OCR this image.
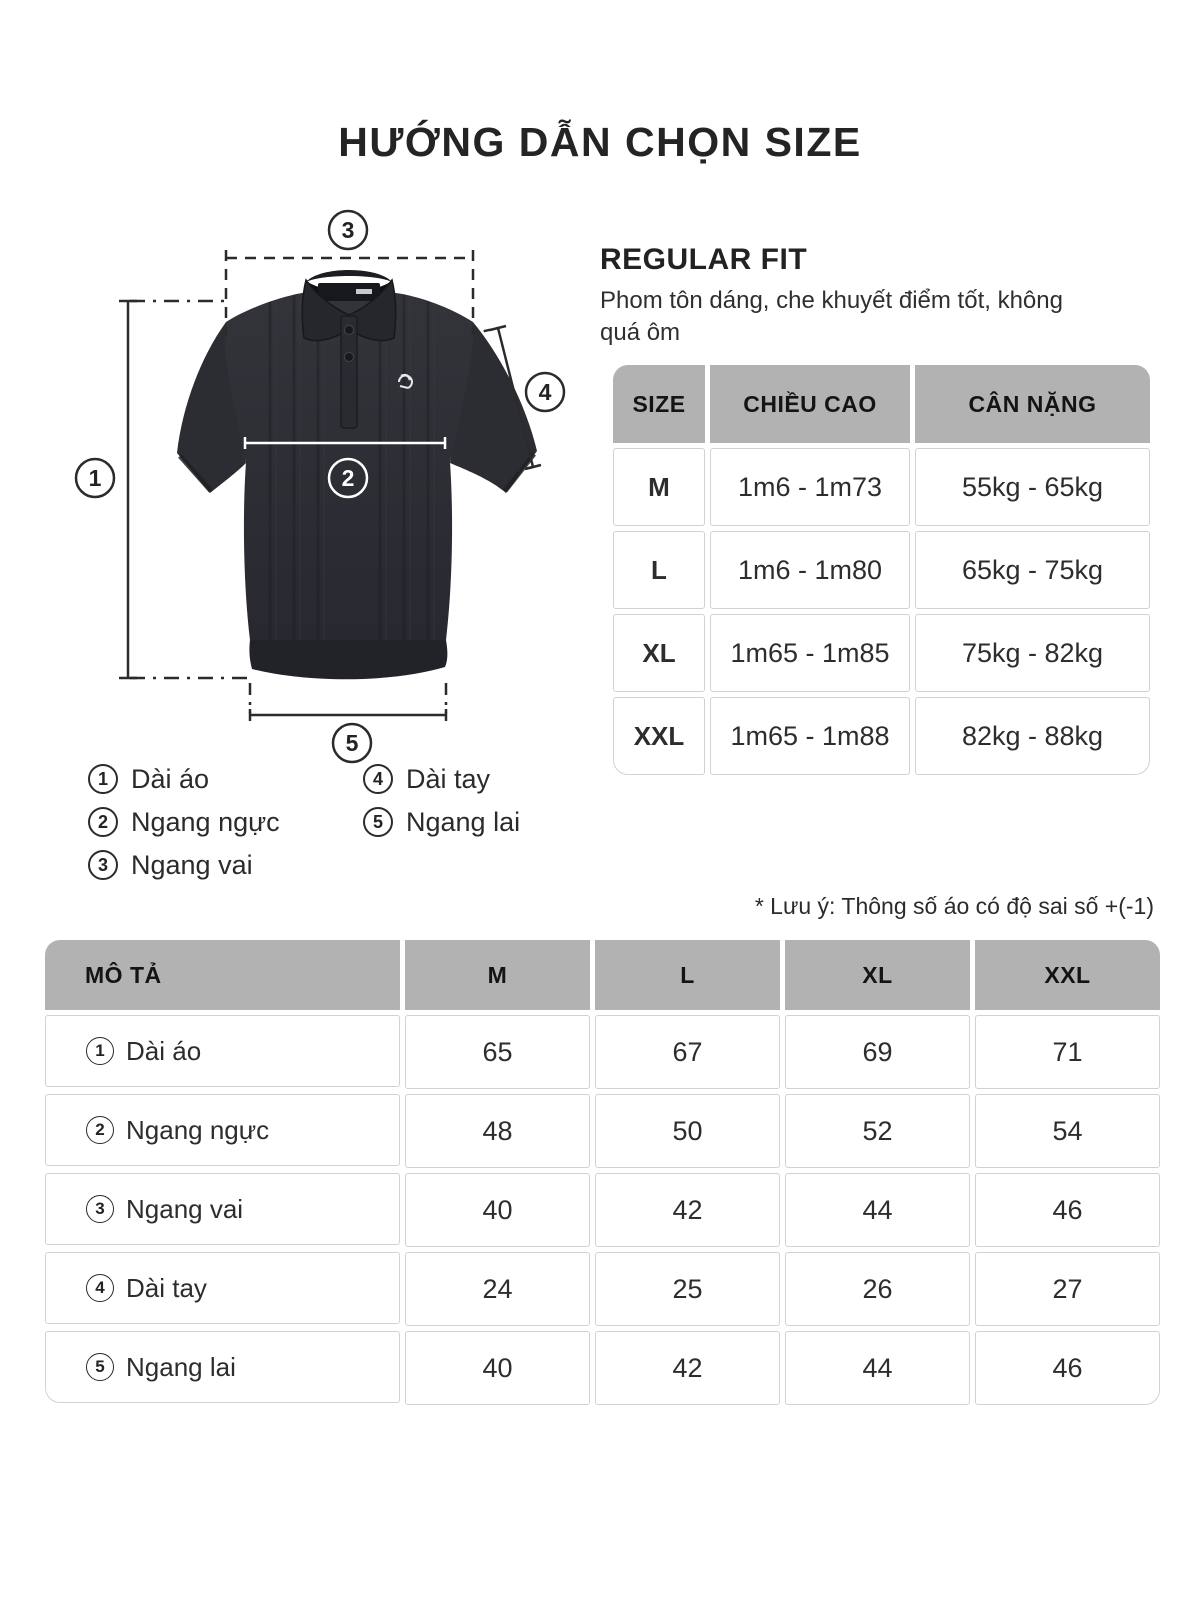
HƯỚNG DẪN CHỌN SIZE
3
1	2
4
5
REGULAR FIT

Phom tôn dáng, che khuyết điểm tốt, không quá ôm

SIZE	CHIỀU CAO	CÂN NẶNG
M	1m6 - 1m73	55kg - 65kg
L	1m6 - 1m80	65kg - 75kg
XL	1m65 - 1m85	75kg - 82kg
XXL	1m65 - 1m88	82kg - 88kg
1 Dài áo
2 Ngang ngực
3 Ngang vai
4 Dài tay
5 Ngang lai
* Lưu ý: Thông số áo có độ sai số +(-1)
MÔ TẢ	M	L	XL	XXL
1 Dài áo	65	67	69	71
2 Ngang ngực	48	50	52	54
3 Ngang vai	40	42	44	46
4 Dài tay	24	25	26	27
5 Ngang lai	40	42	44	46
